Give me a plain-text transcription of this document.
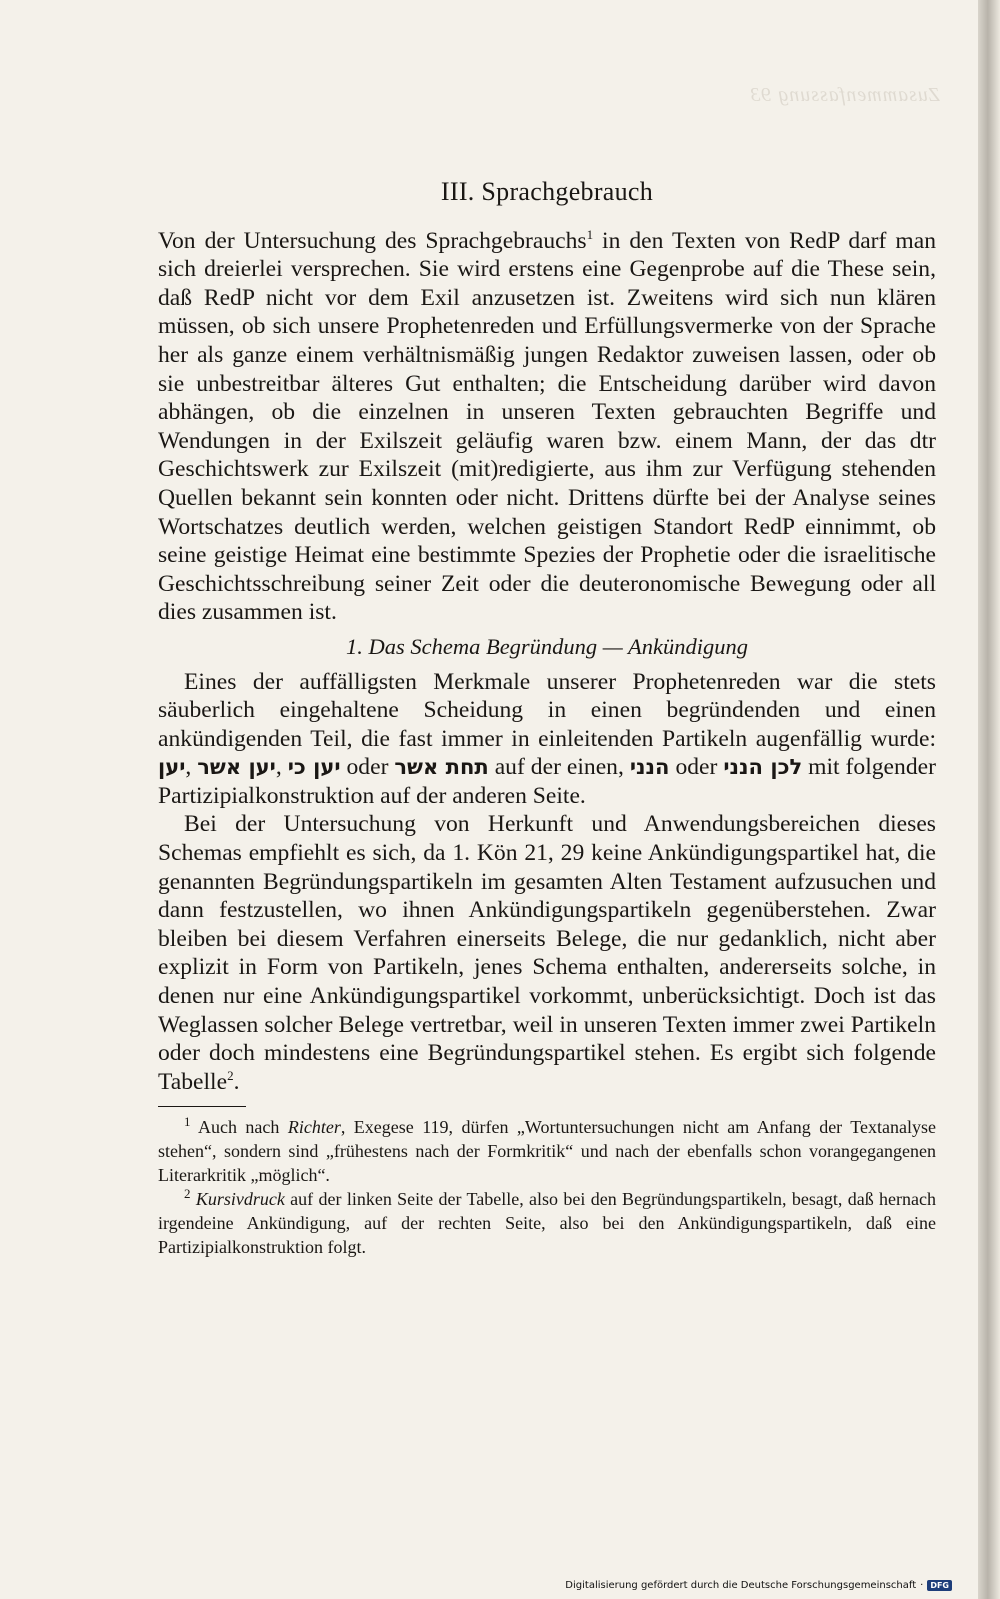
Zusammenfassung 93
III. Sprachgebrauch

Von der Untersuchung des Sprachgebrauchs$^1$ in den Texten von RedP darf man sich dreierlei versprechen. Sie wird erstens eine Gegenprobe auf die These sein, daß RedP nicht vor dem Exil anzusetzen ist. Zweitens wird sich nun klären müssen, ob sich unsere Prophetenreden und Erfüllungsvermerke von der Sprache her als ganze einem verhältnismäßig jungen Redaktor zuweisen lassen, oder ob sie unbestreitbar älteres Gut enthalten; die Entscheidung darüber wird davon abhängen, ob die einzelnen in unseren Texten gebrauchten Begriffe und Wendungen in der Exilszeit geläufig waren bzw. einem Mann, der das dtr Geschichtswerk zur Exilszeit (mit)redigierte, aus ihm zur Verfügung stehenden Quellen bekannt sein konnten oder nicht. Drittens dürfte bei der Analyse seines Wortschatzes deutlich werden, welchen geistigen Standort RedP einnimmt, ob seine geistige Heimat eine bestimmte Spezies der Prophetie oder die israelitische Geschichtsschreibung seiner Zeit oder die deuteronomische Bewegung oder all dies zusammen ist.

1. Das Schema Begründung — Ankündigung

Eines der auffälligsten Merkmale unserer Prophetenreden war die stets säuberlich eingehaltene Scheidung in einen begründenden und einen ankündigenden Teil, die fast immer in einleitenden Partikeln augenfällig wurde: יען, יען אשר, יען כי oder תחת אשר auf der einen, הנני oder לכן הנני mit folgender Partizipialkonstruktion auf der anderen Seite.

Bei der Untersuchung von Herkunft und Anwendungsbereichen dieses Schemas empfiehlt es sich, da 1. Kön 21, 29 keine Ankündigungspartikel hat, die genannten Begründungspartikeln im gesamten Alten Testament aufzusuchen und dann festzustellen, wo ihnen Ankündigungspartikeln gegenüberstehen. Zwar bleiben bei diesem Verfahren einerseits Belege, die nur gedanklich, nicht aber explizit in Form von Partikeln, jenes Schema enthalten, andererseits solche, in denen nur eine Ankündigungspartikel vorkommt, unberücksichtigt. Doch ist das Weglassen solcher Belege vertretbar, weil in unseren Texten immer zwei Partikeln oder doch mindestens eine Begründungspartikel stehen. Es ergibt sich folgende Tabelle$^2$.

$^1$ Auch nach Richter, Exegese 119, dürfen „Wortuntersuchungen nicht am Anfang der Textanalyse stehen“, sondern sind „frühestens nach der Formkritik“ und nach der ebenfalls schon vorangegangenen Literarkritik „möglich“.

$^2$ Kursivdruck auf der linken Seite der Tabelle, also bei den Begründungspartikeln, besagt, daß hernach irgendeine Ankündigung, auf der rechten Seite, also bei den Ankündigungspartikeln, daß eine Partizipialkonstruktion folgt.

Digitalisierung gefördert durch die Deutsche Forschungsgemeinschaft · DFG
